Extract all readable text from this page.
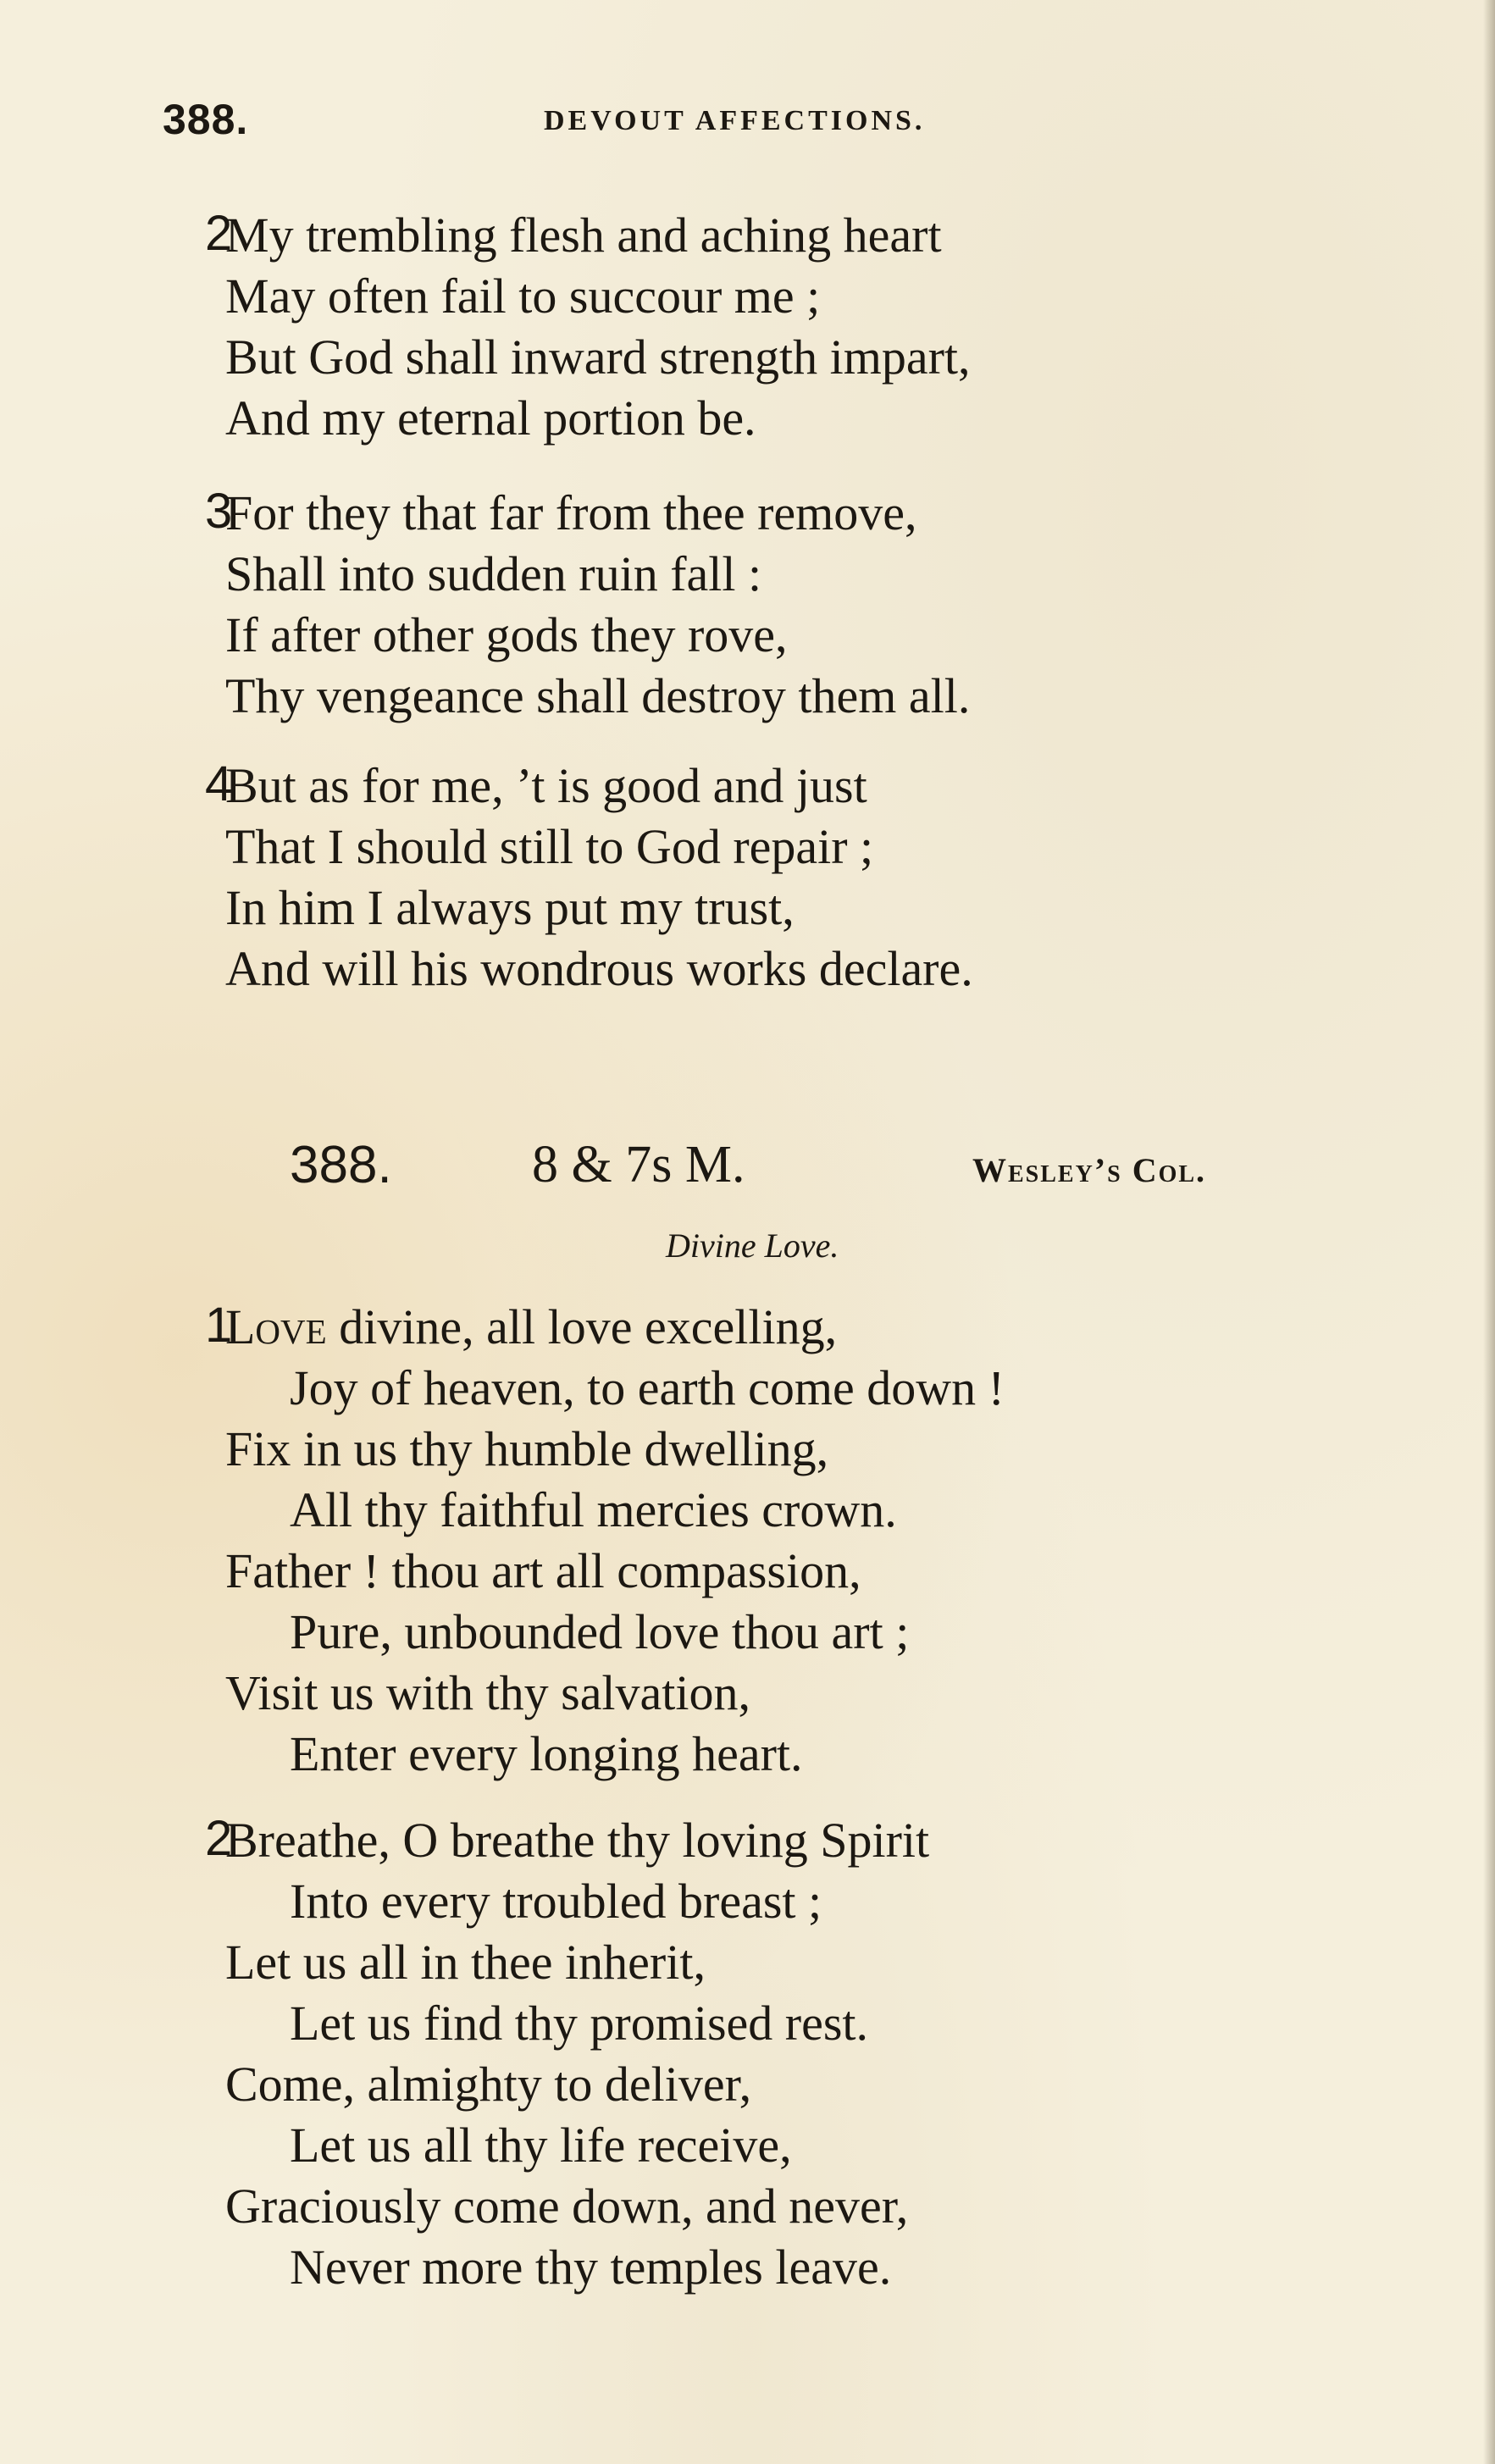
388.	DEVOUT AFFECTIONS.
2
My trembling flesh and aching heart
May often fail to succour me ;
But God shall inward strength impart,
And my eternal portion be.
3
For they that far from thee remove,
Shall into sudden ruin fall :
If after other gods they rove,
Thy vengeance shall destroy them all.
4
But as for me, ’t is good and just
That I should still to God repair ;
In him I always put my trust,
And will his wondrous works declare.
388.	8 & 7s M.	Wesley’s Col.
Divine Love.
1
Love divine, all love excelling,
Joy of heaven, to earth come down !
Fix in us thy humble dwelling,
All thy faithful mercies crown.
Father ! thou art all compassion,
Pure, unbounded love thou art ;
Visit us with thy salvation,
Enter every longing heart.
2
Breathe, O breathe thy loving Spirit
Into every troubled breast ;
Let us all in thee inherit,
Let us find thy promised rest.
Come, almighty to deliver,
Let us all thy life receive,
Graciously come down, and never,
Never more thy temples leave.
